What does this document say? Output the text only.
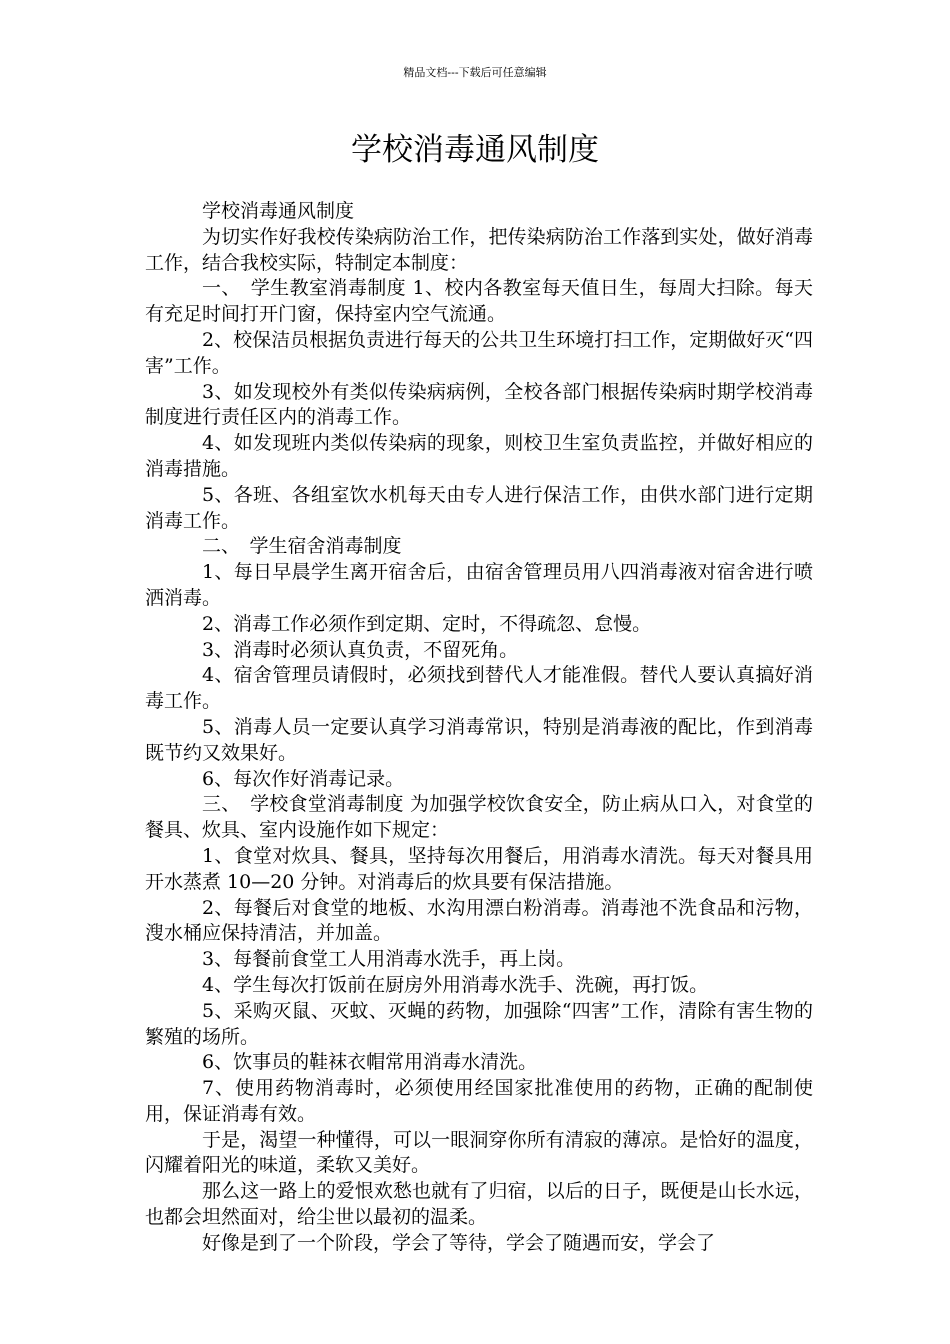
精品文档---下载后可任意编辑
学校消毒通风制度

学校消毒通风制度

为切实作好我校传染病防治工作，把传染病防治工作落到实处，做好消毒工作，结合我校实际，特制定本制度：

一、　学生教室消毒制度 1、校内各教室每天值日生，每周大扫除。每天有充足时间打开门窗，保持室内空气流通。

2、校保洁员根据负责进行每天的公共卫生环境打扫工作，定期做好灭“四害”工作。

3、如发现校外有类似传染病病例，全校各部门根据传染病时期学校消毒制度进行责任区内的消毒工作。

4、如发现班内类似传染病的现象，则校卫生室负责监控，并做好相应的消毒措施。

5、各班、各组室饮水机每天由专人进行保洁工作，由供水部门进行定期消毒工作。

二、　学生宿舍消毒制度

1、每日早晨学生离开宿舍后，由宿舍管理员用八四消毒液对宿舍进行喷洒消毒。

2、消毒工作必须作到定期、定时，不得疏忽、怠慢。

3、消毒时必须认真负责，不留死角。

4、宿舍管理员请假时，必须找到替代人才能准假。替代人要认真搞好消毒工作。

5、消毒人员一定要认真学习消毒常识，特别是消毒液的配比，作到消毒既节约又效果好。

6、每次作好消毒记录。

三、　学校食堂消毒制度 为加强学校饮食安全，防止病从口入，对食堂的餐具、炊具、室内设施作如下规定：

1、食堂对炊具、餐具，坚持每次用餐后，用消毒水清洗。每天对餐具用开水蒸煮 10—20 分钟。对消毒后的炊具要有保洁措施。

2、每餐后对食堂的地板、水沟用漂白粉消毒。消毒池不洗食品和污物，溲水桶应保持清洁，并加盖。

3、每餐前食堂工人用消毒水洗手，再上岗。

4、学生每次打饭前在厨房外用消毒水洗手、洗碗，再打饭。

5、采购灭鼠、灭蚊、灭蝇的药物，加强除“四害”工作，清除有害生物的繁殖的场所。

6、饮事员的鞋袜衣帽常用消毒水清洗。

7、使用药物消毒时，必须使用经国家批准使用的药物，正确的配制使用，保证消毒有效。

于是，渴望一种懂得，可以一眼洞穿你所有清寂的薄凉。是恰好的温度，闪耀着阳光的味道，柔软又美好。

那么这一路上的爱恨欢愁也就有了归宿，以后的日子，既便是山长水远，也都会坦然面对，给尘世以最初的温柔。

好像是到了一个阶段，学会了等待，学会了随遇而安，学会了
